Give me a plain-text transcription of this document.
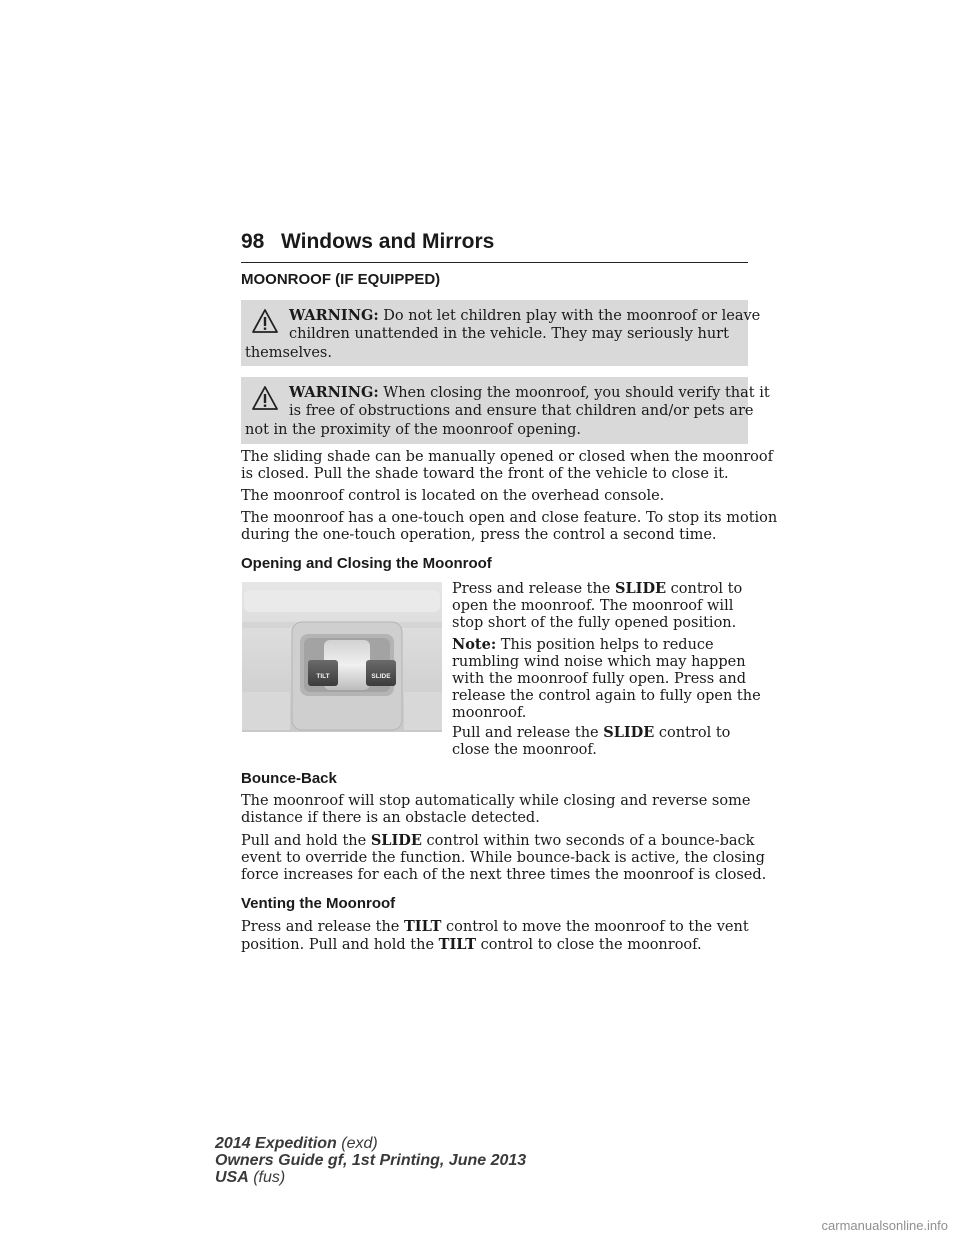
98 Windows and Mirrors
MOONROOF (IF EQUIPPED)
WARNING: Do not let children play with the moonroof or leave
children unattended in the vehicle. They may seriously hurt
themselves.
WARNING: When closing the moonroof, you should verify that it
is free of obstructions and ensure that children and/or pets are
not in the proximity of the moonroof opening.
The sliding shade can be manually opened or closed when the moonroof
is closed. Pull the shade toward the front of the vehicle to close it.
The moonroof control is located on the overhead console.
The moonroof has a one-touch open and close feature. To stop its motion
during the one-touch operation, press the control a second time.
Opening and Closing the Moonroof
TILT	SLIDE
Press and release the SLIDE control to
open the moonroof. The moonroof will
stop short of the fully opened position.
Note: This position helps to reduce
rumbling wind noise which may happen
with the moonroof fully open. Press and
release the control again to fully open the
moonroof.
Pull and release the SLIDE control to
close the moonroof.
Bounce-Back
The moonroof will stop automatically while closing and reverse some
distance if there is an obstacle detected.
Pull and hold the SLIDE control within two seconds of a bounce-back
event to override the function. While bounce-back is active, the closing
force increases for each of the next three times the moonroof is closed.
Venting the Moonroof
Press and release the TILT control to move the moonroof to the vent
position. Pull and hold the TILT control to close the moonroof.
2014 Expedition (exd)
Owners Guide gf, 1st Printing, June 2013
USA (fus)
carmanualsonline.info
